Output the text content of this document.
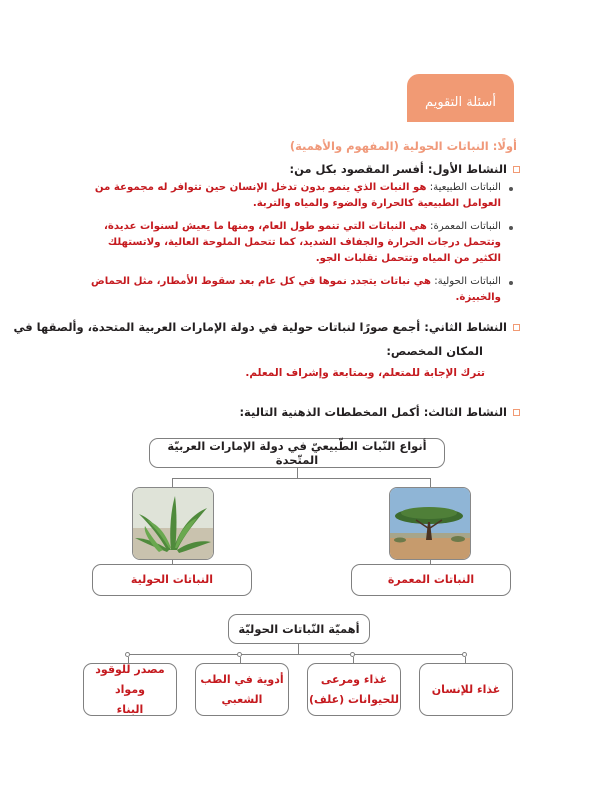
أسئلة التقويم
أولًا: النباتات الحولية (المفهوم والأهمية)
النشاط الأول: أفسر المقصود بكل من:
النباتات الطبيعية: هو النبات الذي ينمو بدون تدخل الإنسان حين تتوافر له مجموعة من العوامل الطبيعية كالحرارة والضوء والمياه والتربة.
النباتات المعمرة: هي النباتات التي تنمو طول العام، ومنها ما يعيش لسنوات عديدة، وتتحمل درجات الحرارة والجفاف الشديد، كما تتحمل الملوحة العالية، ولاتستهلك الكثير من المياه وتتحمل تقلبات الجو.
النباتات الحولية: هي نباتات يتجدد نموها في كل عام بعد سقوط الأمطار، مثل الحماض والخبيزة.
النشاط الثاني: أجمع صورًا لنباتات حولية في دولة الإمارات العربية المتحدة، وألصقها في
المكان المخصص:
تترك الإجابة للمتعلم، وبمتابعة وإشراف المعلم.
النشاط الثالث: أكمل المخططات الذهنية التالية:
أنواع النّبات الطّبيعيّ في دولة الإمارات العربيّة المتّحدة
النباتات الحولية	النباتات المعمرة
أهميّة النّباتات الحوليّة
غذاء للإنسان
غذاء ومرعى
للحيوانات (علف)
أدوية في الطب
الشعبي
مصدر للوقود ومواد
البناء
